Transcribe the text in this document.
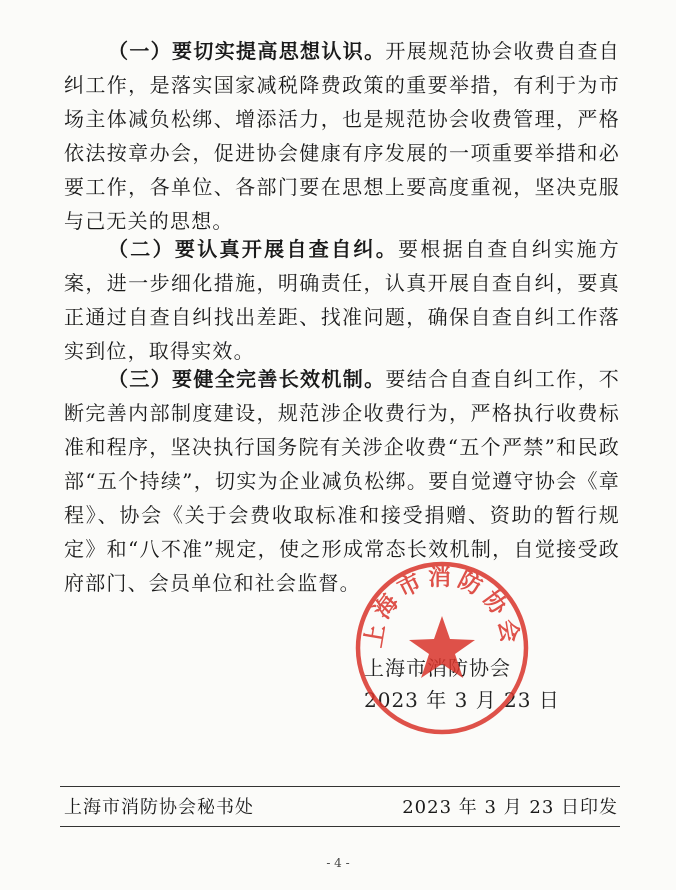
（一）要切实提高思想认识。开展规范协会收费自查自纠工作，是落实国家减税降费政策的重要举措，有利于为市场主体减负松绑、增添活力，也是规范协会收费管理，严格依法按章办会，促进协会健康有序发展的一项重要举措和必要工作，各单位、各部门要在思想上要高度重视，坚决克服与己无关的思想。

（二）要认真开展自查自纠。要根据自查自纠实施方案，进一步细化措施，明确责任，认真开展自查自纠，要真正通过自查自纠找出差距、找准问题，确保自查自纠工作落实到位，取得实效。

（三）要健全完善长效机制。要结合自查自纠工作，不断完善内部制度建设，规范涉企收费行为，严格执行收费标准和程序，坚决执行国务院有关涉企收费“五个严禁”和民政部“五个持续”，切实为企业减负松绑。要自觉遵守协会《章程》、协会《关于会费收取标准和接受捐赠、资助的暂行规定》和“八不准”规定，使之形成常态长效机制，自觉接受政府部门、会员单位和社会监督。

上海市消防协会
2023 年 3 月 23 日
上海市消防协会
上海市消防协会秘书处	2023 年 3 月 23 日印发
- 4 -
